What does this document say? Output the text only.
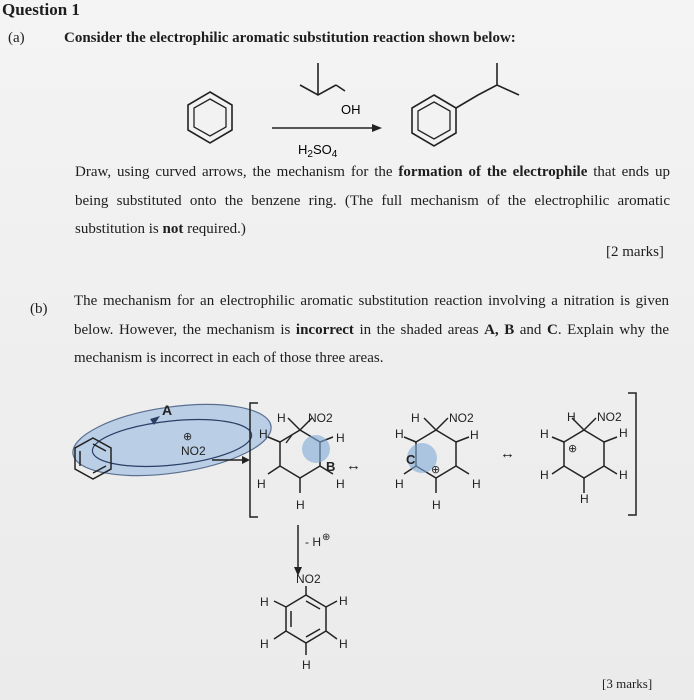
Question 1
(a)	Consider the electrophilic aromatic substitution reaction shown below:
OH
$H_2SO_4$
Draw, using curved arrows, the mechanism for the formation of the electrophile that ends up being substituted onto the benzene ring. (The full mechanism of the electrophilic aromatic substitution is not required.)
[2 marks]
(b) The mechanism for an electrophilic aromatic substitution reaction involving a nitration is given below. However, the mechanism is incorrect in the shaded areas A, B and C. Explain why the mechanism is incorrect in each of those three areas.
A
⊕
NO2
H NO2
H
H
H
H
H
B ↔
H NO2
H
H
H
H
H
C
⊕
↔
H NO2
H
H
H
H
H
⊕
- H ⊕
NO2
H
H
H
H
H
[3 marks]
